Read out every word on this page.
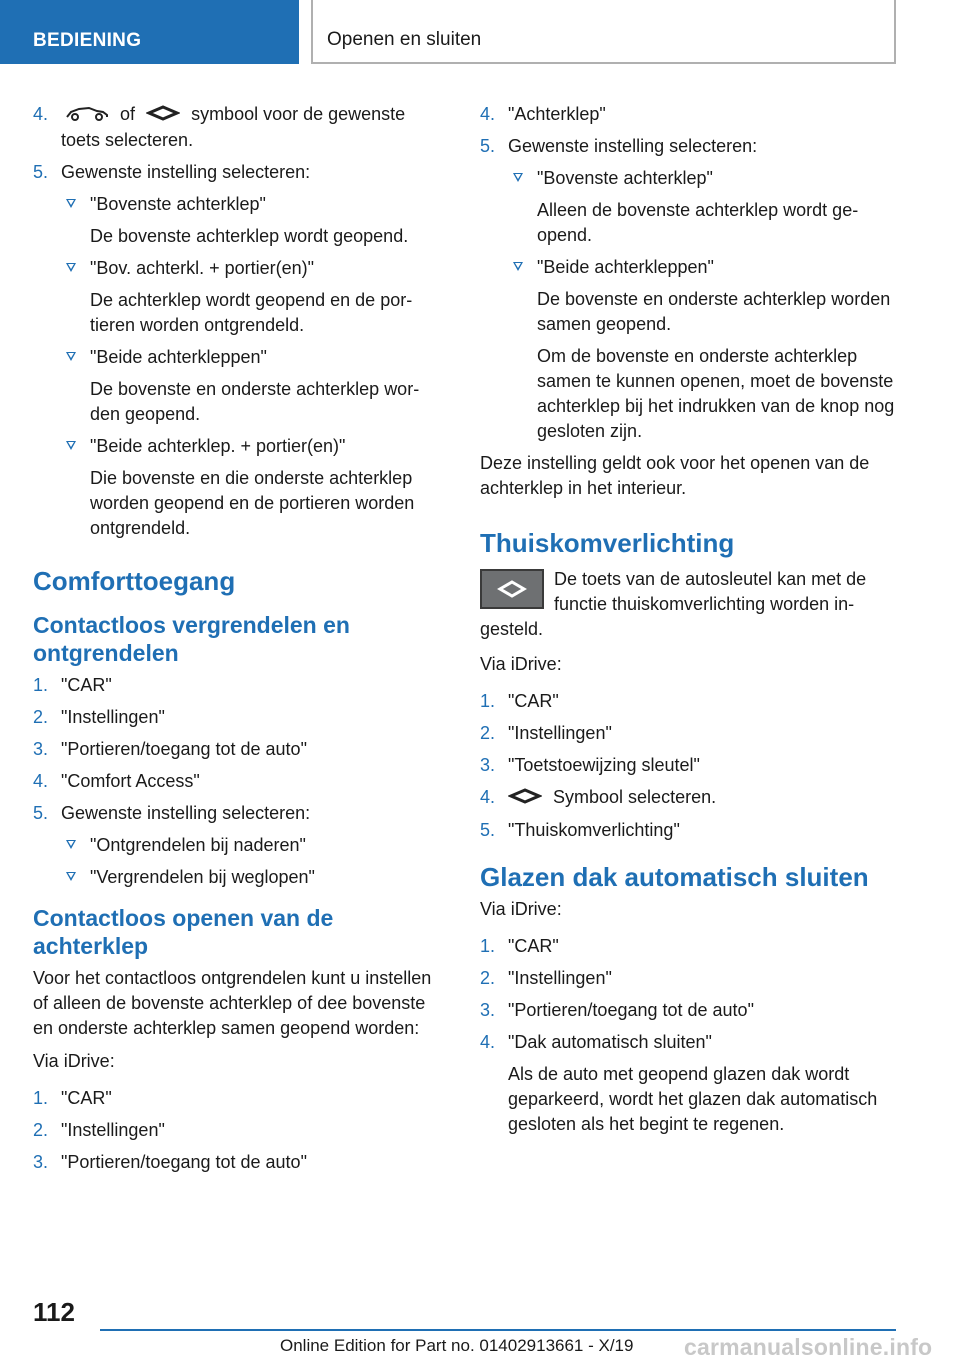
BEDIENING	Openen en sluiten
4.	of	symbool voor de gewenste toets selecteren.
5. Gewenste instelling selecteren:
"Bovenste achterklep"
De bovenste achterklep wordt geopend.
"Bov. achterkl. + portier(en)"
De achterklep wordt geopend en de portieren worden ontgrendeld.
"Beide achterkleppen"
De bovenste en onderste achterklep worden geopend.
"Beide achterklep. + portier(en)"
Die bovenste en die onderste achterklep worden geopend en de portieren worden ontgrendeld.
Comforttoegang
Contactloos vergrendelen en ontgrendelen
1. "CAR"
2. "Instellingen"
3. "Portieren/toegang tot de auto"
4. "Comfort Access"
5. Gewenste instelling selecteren:
"Ontgrendelen bij naderen"
"Vergrendelen bij weglopen"
Contactloos openen van de achterklep

Voor het contactloos ontgrendelen kunt u instellen of alleen de bovenste achterklep of dee bovenste en onderste achterklep samen geopend worden:

Via iDrive:

1. "CAR"
2. "Instellingen"
3. "Portieren/toegang tot de auto"
4. "Achterklep"
5. Gewenste instelling selecteren:
"Bovenste achterklep"
Alleen de bovenste achterklep wordt geopend.
"Beide achterkleppen"
De bovenste en onderste achterklep worden samen geopend.
Om de bovenste en onderste achterklep samen te kunnen openen, moet de bovenste achterklep bij het indrukken van de knop nog gesloten zijn.

Deze instelling geldt ook voor het openen van de achterklep in het interieur.

Thuiskomverlichting

De toets van de autosleutel kan met de functie thuiskomverlichting worden ingesteld.

Via iDrive:

1. "CAR"
2. "Instellingen"
3. "Toetstoewijzing sleutel"
4.	Symbool selecteren.
5. "Thuiskomverlichting"
Glazen dak automatisch sluiten

Via iDrive:

1. "CAR"
2. "Instellingen"
3. "Portieren/toegang tot de auto"
4. "Dak automatisch sluiten"
Als de auto met geopend glazen dak wordt geparkeerd, wordt het glazen dak automatisch gesloten als het begint te regenen.
112
Online Edition for Part no. 01402913661 - X/19 carmanualsonline.info
